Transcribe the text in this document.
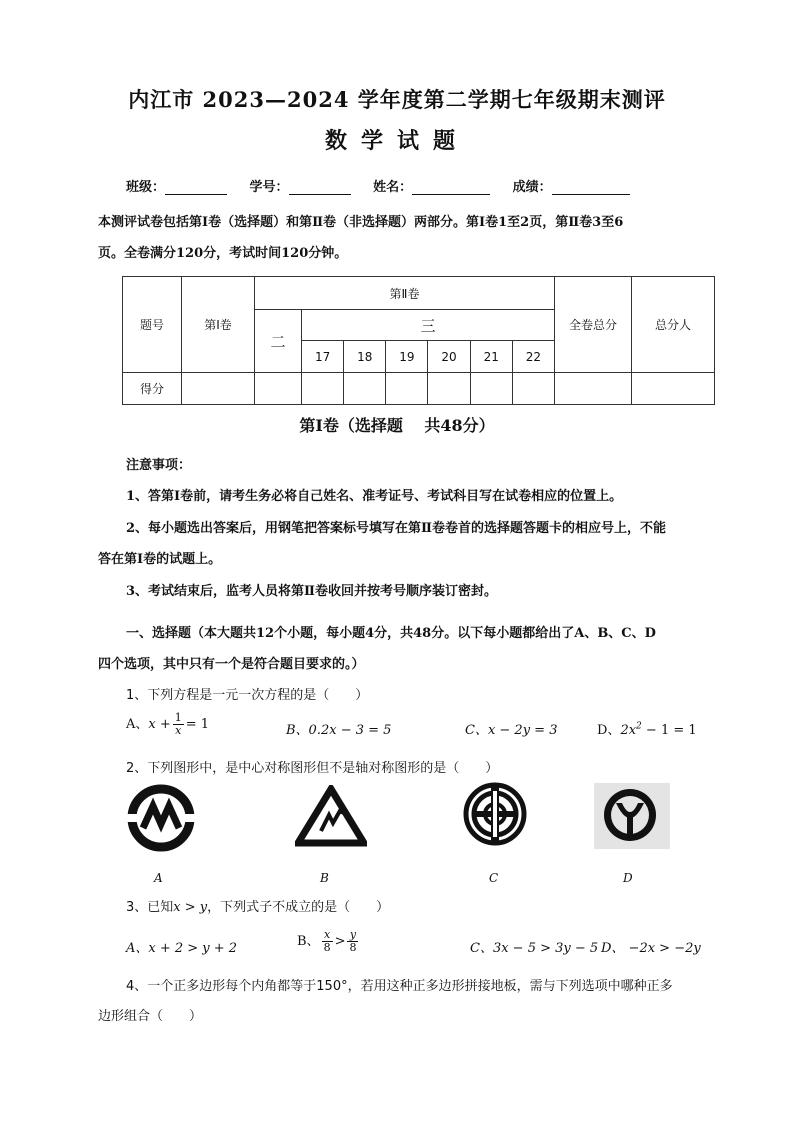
内江市 2023—2024 学年度第二学期七年级期末测评
数学试题
班级：	学号：	姓名：	成绩：
本测评试卷包括第Ⅰ卷（选择题）和第Ⅱ卷（非选择题）两部分。第Ⅰ卷1至2页，第Ⅱ卷3至6
页。全卷满分120分，考试时间120分钟。
题号	第Ⅰ卷	第Ⅱ卷							全卷总分	总分人
		二	三							
			17	18	19	20	21	22		
得分										
第Ⅰ卷（选择题　 共48分）
注意事项：
1、答第Ⅰ卷前，请考生务必将自己姓名、准考证号、考试科目写在试卷相应的位置上。
2、每小题选出答案后，用钢笔把答案标号填写在第Ⅱ卷卷首的选择题答题卡的相应号上，不能
答在第Ⅰ卷的试题上。
3、考试结束后，监考人员将第Ⅱ卷收回并按考号顺序装订密封。
一、选择题（本大题共12个小题，每小题4分，共48分。以下每小题都给出了A、B、C、D
四个选项，其中只有一个是符合题目要求的。）
1、下列方程是一元一次方程的是（　　）
A、$x + \frac{1}{x} = 1$	B、0.2x − 3 = 5	C、x − 2y = 3	D、$2x^2 - 1 = 1$
2、下列图形中，是中心对称图形但不是轴对称图形的是（　　）
A	B	C	D
3、已知x > y，下列式子不成立的是（　　）
A、x + 2 > y + 2	B、 $\frac{x}{8} > \frac{y}{8}$	C、3x − 5 > 3y − 5 D、 −2x > −2y
4、一个正多边形每个内角都等于150°，若用这种正多边形拼接地板，需与下列选项中哪种正多
边形组合（　　）
